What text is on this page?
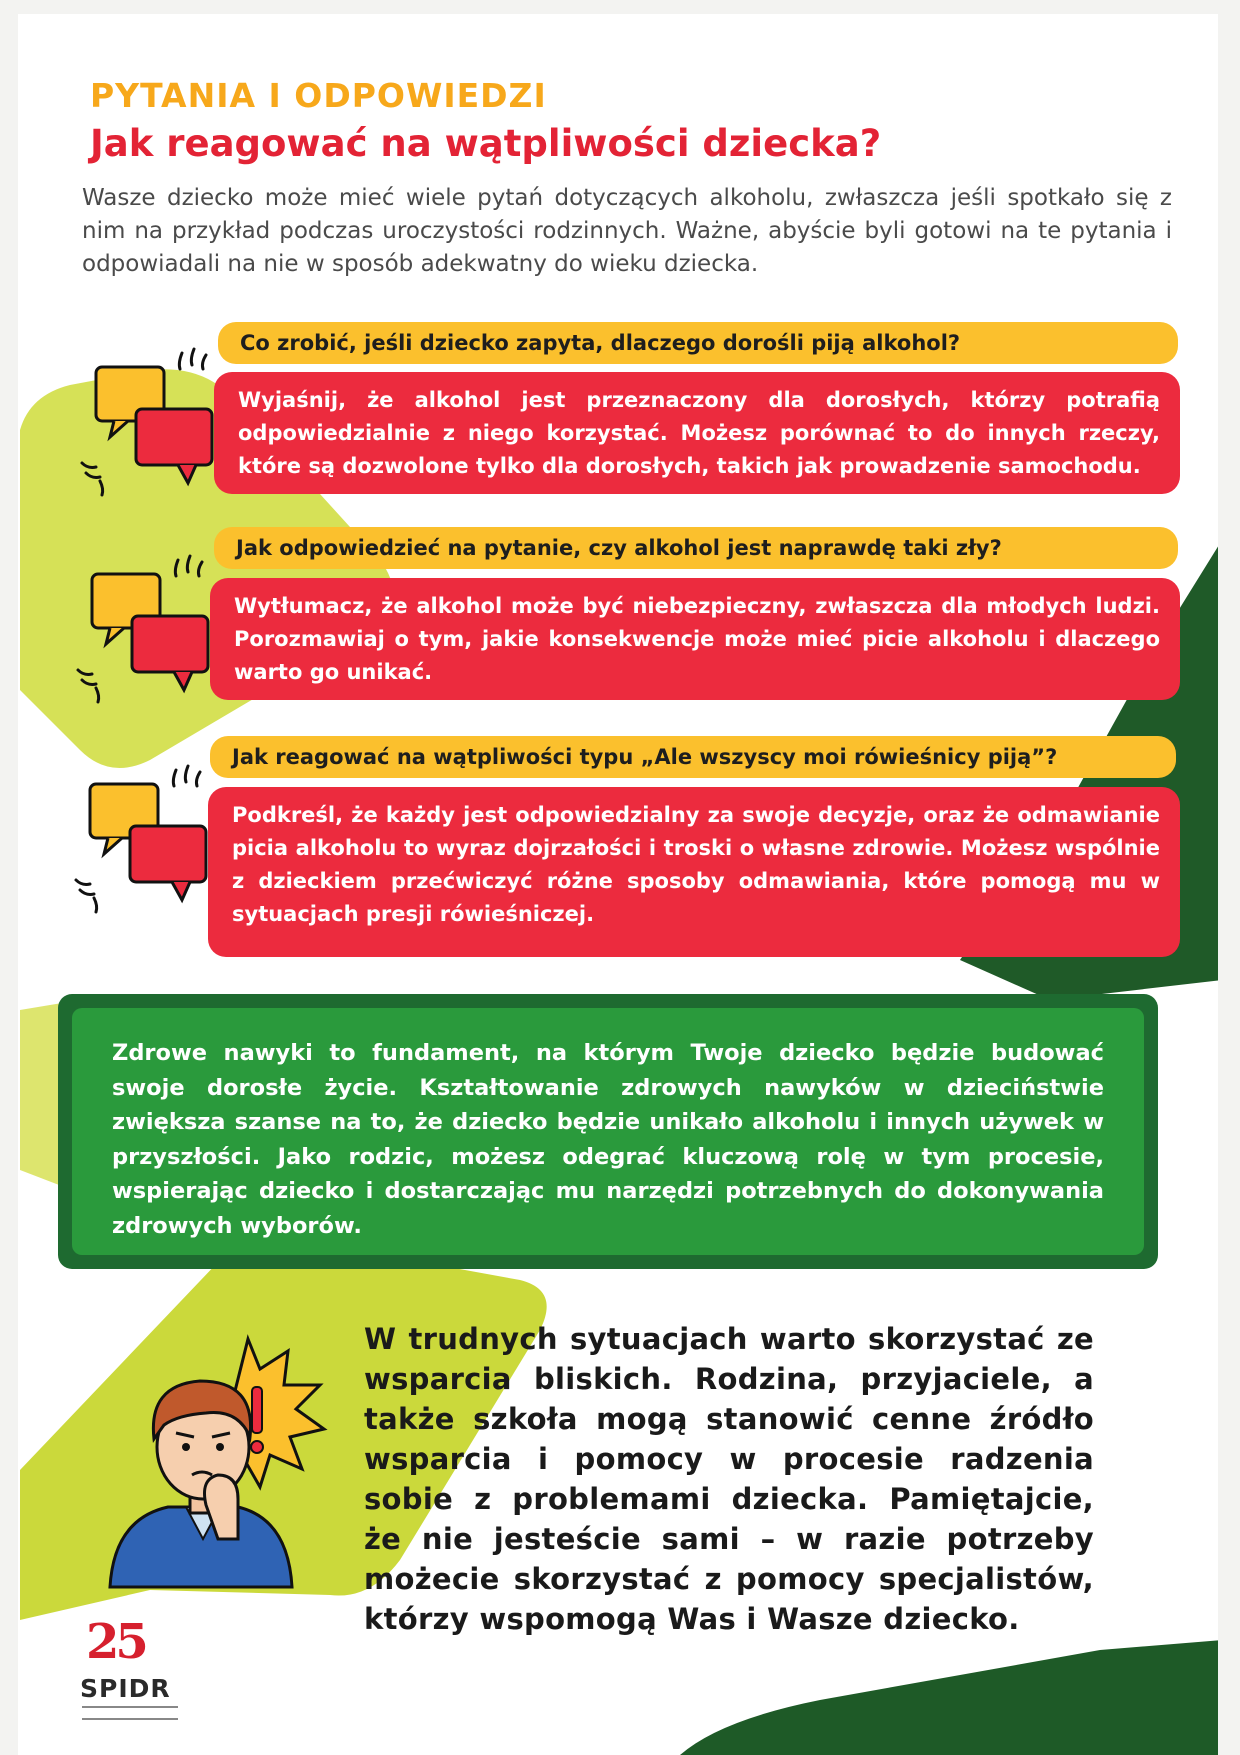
PYTANIA I ODPOWIEDZI
Jak reagować na wątpliwości dziecka?

Wasze dziecko może mieć wiele pytań dotyczących alkoholu, zwłaszcza jeśli spotkało się z nim na przykład podczas uroczystości rodzinnych. Ważne, abyście byli gotowi na te pytania i odpowiadali na nie w sposób adekwatny do wieku dziecka.

Co zrobić, jeśli dziecko zapyta, dlaczego dorośli piją alkohol?
Wyjaśnij, że alkohol jest przeznaczony dla dorosłych, którzy potrafią odpowiedzialnie z niego korzystać. Możesz porównać to do innych rzeczy, które są dozwolone tylko dla dorosłych, takich jak prowadzenie samochodu.
Jak odpowiedzieć na pytanie, czy alkohol jest naprawdę taki zły?
Wytłumacz, że alkohol może być niebezpieczny, zwłaszcza dla młodych ludzi. Porozmawiaj o tym, jakie konsekwencje może mieć picie alkoholu i dlaczego warto go unikać.
Jak reagować na wątpliwości typu „Ale wszyscy moi rówieśnicy piją”?
Podkreśl, że każdy jest odpowiedzialny za swoje decyzje, oraz że odmawianie picia alkoholu to wyraz dojrzałości i troski o własne zdrowie. Możesz wspólnie z dzieckiem przećwiczyć różne sposoby odmawiania, które pomogą mu w sytuacjach presji rówieśniczej.
Zdrowe nawyki to fundament, na którym Twoje dziecko będzie budować swoje dorosłe życie. Kształtowanie zdrowych nawyków w dzieciństwie zwiększa szanse na to, że dziecko będzie unikało alkoholu i innych używek w przyszłości. Jako rodzic, możesz odegrać kluczową rolę w tym procesie, wspierając dziecko i dostarczając mu narzędzi potrzebnych do dokonywania zdrowych wyborów.

W trudnych sytuacjach warto skorzystać ze wsparcia bliskich. Rodzina, przyjaciele, a także szkoła mogą stanowić cenne źródło wsparcia i pomocy w procesie radzenia sobie z problemami dziecka. Pamiętajcie, że nie jesteście sami – w razie potrzeby możecie skorzystać z pomocy specjalistów, którzy wspomogą Was i Wasze dziecko.

25
SPIDR
